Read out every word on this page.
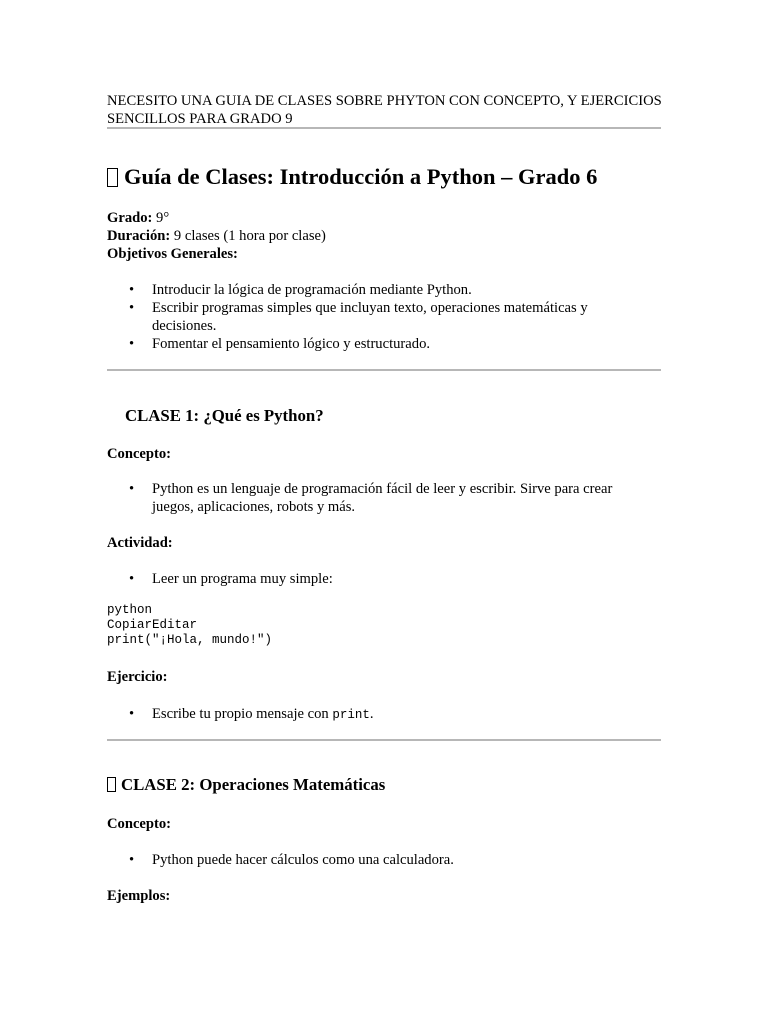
NECESITO UNA GUIA DE CLASES SOBRE PHYTON CON CONCEPTO, Y EJERCICIOS SENCILLOS PARA GRADO 9
Guía de Clases: Introducción a Python – Grado 6
Grado: 9°
Duración: 9 clases (1 hora por clase)
Objetivos Generales:
• Introducir la lógica de programación mediante Python.
• Escribir programas simples que incluyan texto, operaciones matemáticas y decisiones.
• Fomentar el pensamiento lógico y estructurado.
CLASE 1: ¿Qué es Python?
Concepto:
• Python es un lenguaje de programación fácil de leer y escribir. Sirve para crear juegos, aplicaciones, robots y más.
Actividad:
• Leer un programa muy simple:
python
CopiarEditar
print("¡Hola, mundo!")
Ejercicio:
• Escribe tu propio mensaje con print.
CLASE 2: Operaciones Matemáticas
Concepto:
• Python puede hacer cálculos como una calculadora.
Ejemplos:
